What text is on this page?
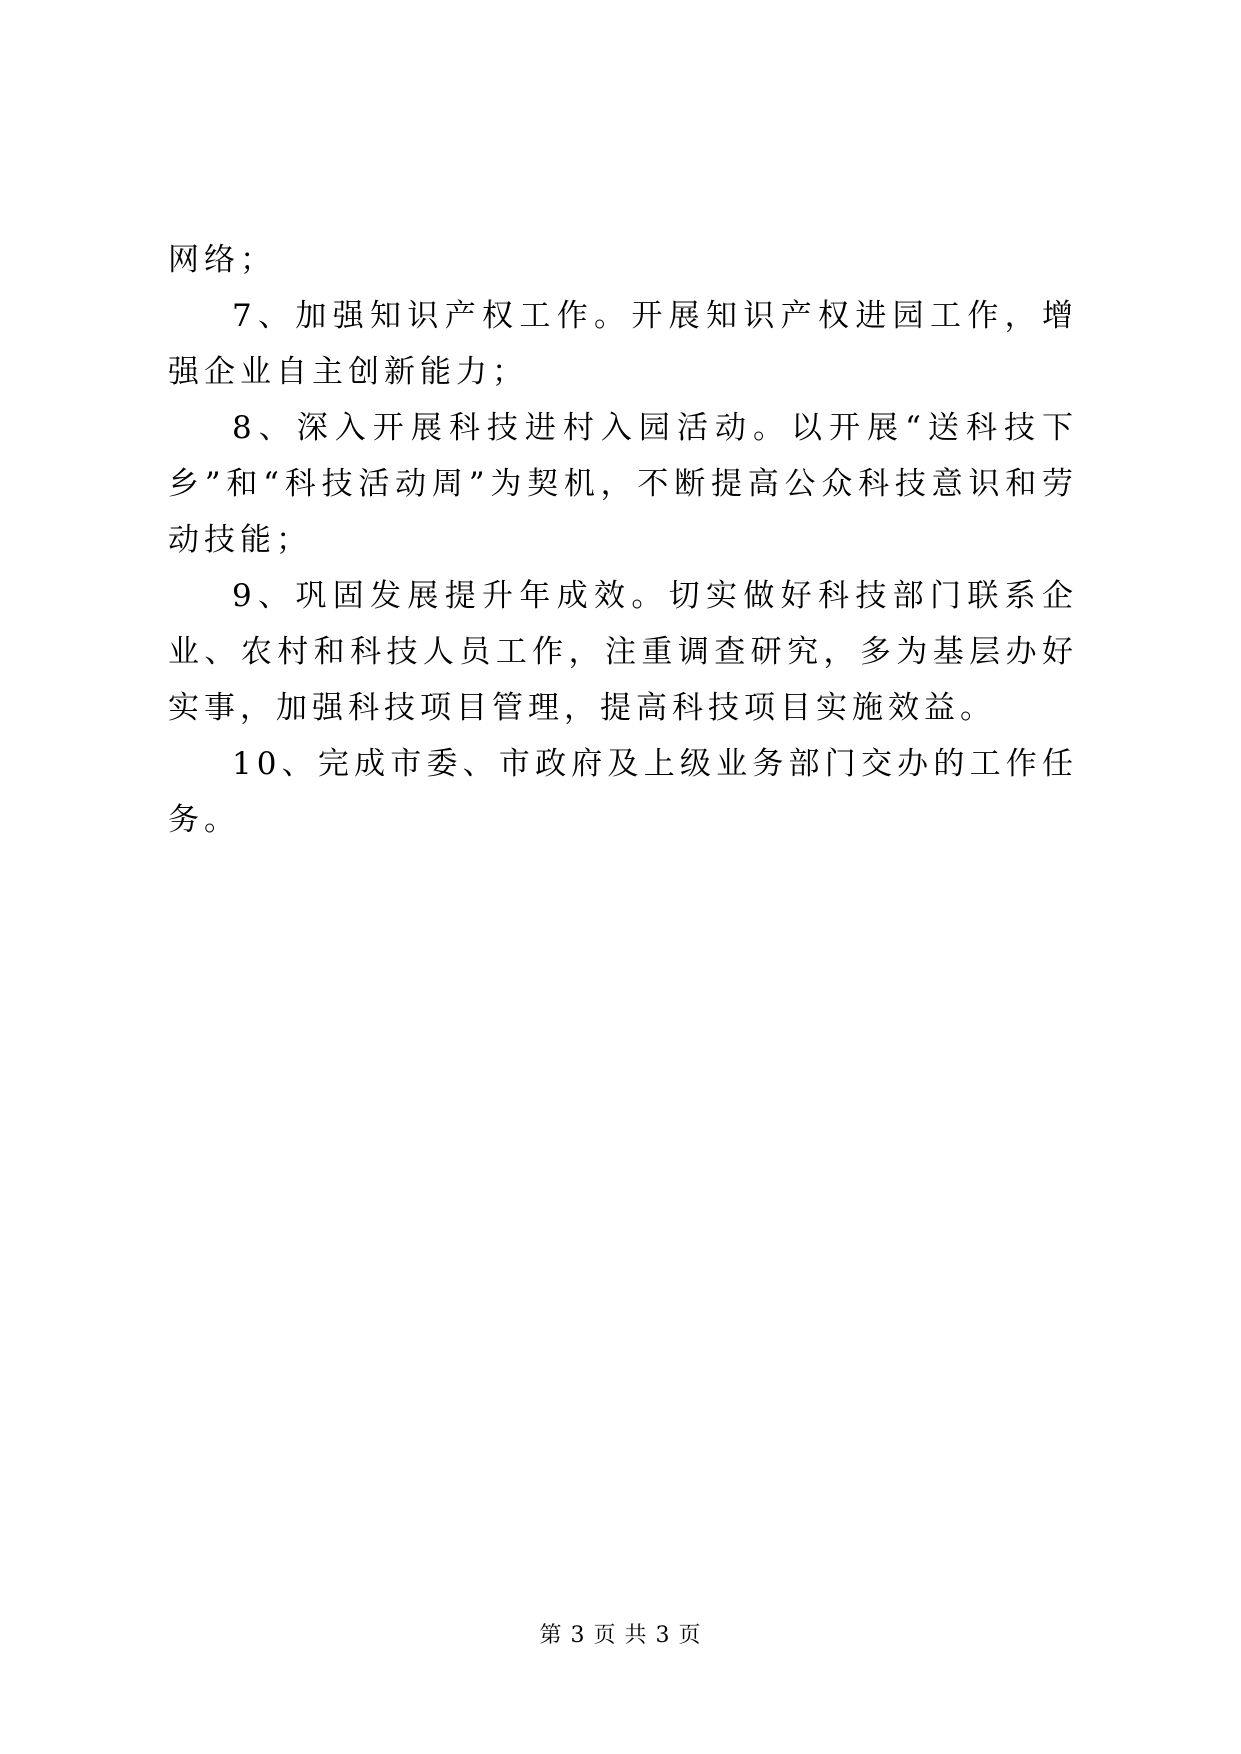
网络；

7、加强知识产权工作。开展知识产权进园工作，增强企业自主创新能力；

8、深入开展科技进村入园活动。以开展“送科技下乡”和“科技活动周”为契机，不断提高公众科技意识和劳动技能；

9、巩固发展提升年成效。切实做好科技部门联系企业、农村和科技人员工作，注重调查研究，多为基层办好实事，加强科技项目管理，提高科技项目实施效益。

10、完成市委、市政府及上级业务部门交办的工作任务。

第 3 页 共 3 页
